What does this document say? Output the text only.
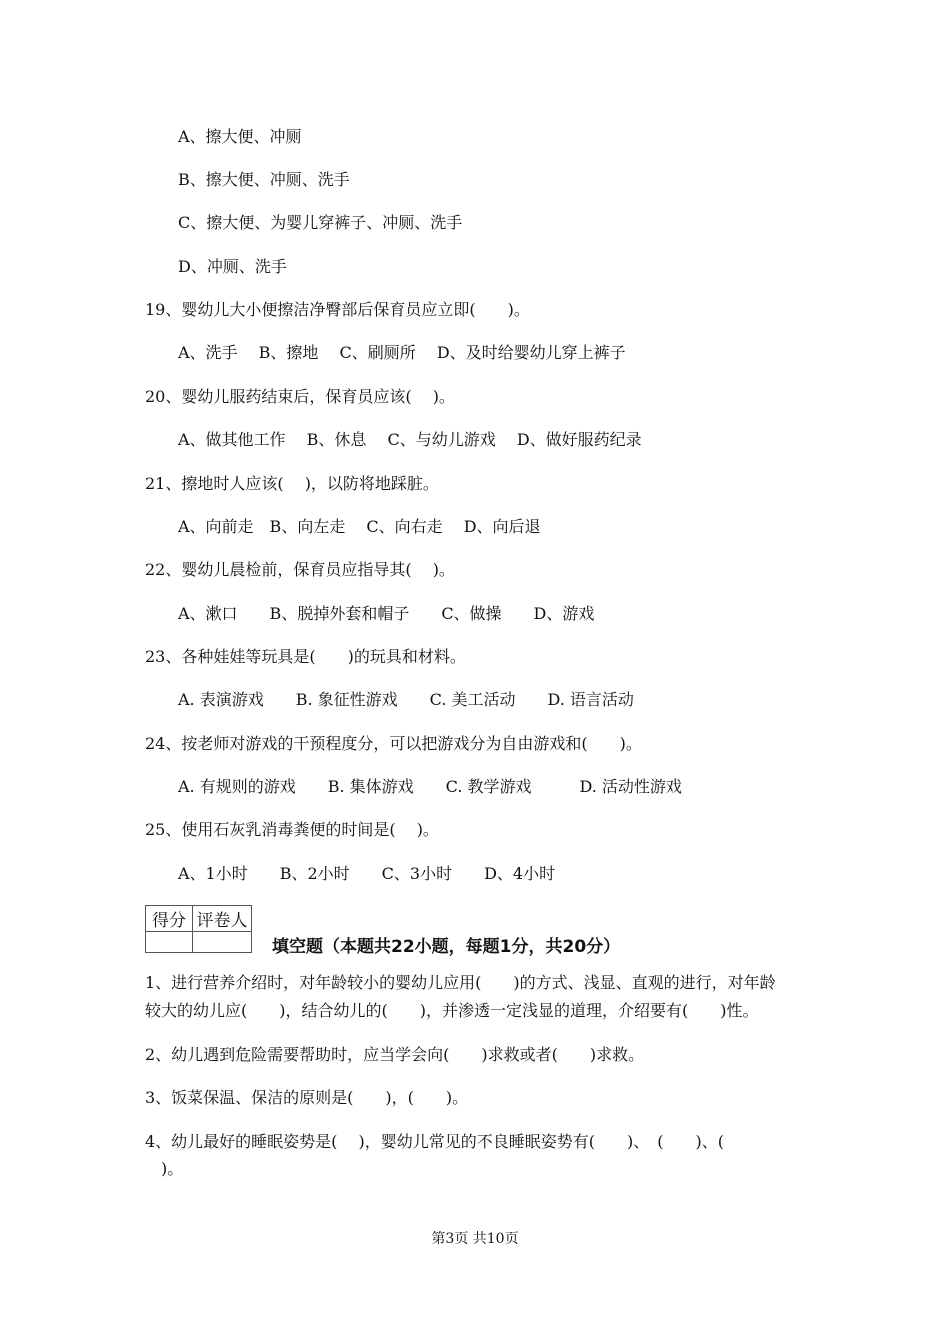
A、擦大便、冲厕
B、擦大便、冲厕、洗手
C、擦大便、为婴儿穿裤子、冲厕、洗手
D、冲厕、洗手
19、婴幼儿大小便擦洁净臀部后保育员应立即(　　)。
A、洗手　 B、擦地　 C、刷厕所　 D、及时给婴幼儿穿上裤子
20、婴幼儿服药结束后，保育员应该(　 )。
A、做其他工作　 B、休息　 C、与幼儿游戏　 D、做好服药纪录
21、擦地时人应该(　 )，以防将地踩脏。
A、向前走　B、向左走　 C、向右走　 D、向后退
22、婴幼儿晨检前，保育员应指导其(　 )。
A、漱口　　B、脱掉外套和帽子　　C、做操　　D、游戏
23、各种娃娃等玩具是(　　)的玩具和材料。
A. 表演游戏　　B. 象征性游戏　　C. 美工活动　　D. 语言活动
24、按老师对游戏的干预程度分，可以把游戏分为自由游戏和(　　)。
A. 有规则的游戏　　B. 集体游戏　　C. 教学游戏　　　D. 活动性游戏
25、使用石灰乳消毒粪便的时间是(　 )。
A、1小时　　B、2小时　　C、3小时　　D、4小时
得分	评卷人

填空题（本题共22小题，每题1分，共20分）
1、进行营养介绍时，对年龄较小的婴幼儿应用(　　)的方式、浅显、直观的进行，对年龄
较大的幼儿应(　　)，结合幼儿的(　　)，并渗透一定浅显的道理，介绍要有(　　)性。
2、幼儿遇到危险需要帮助时，应当学会向(　　)求救或者(　　)求救。
3、饭菜保温、保洁的原则是(　　)，(　　)。
4、幼儿最好的睡眠姿势是(　 )，婴幼儿常见的不良睡眠姿势有(　　)、　(　　)、(
　)。
第3页 共10页
